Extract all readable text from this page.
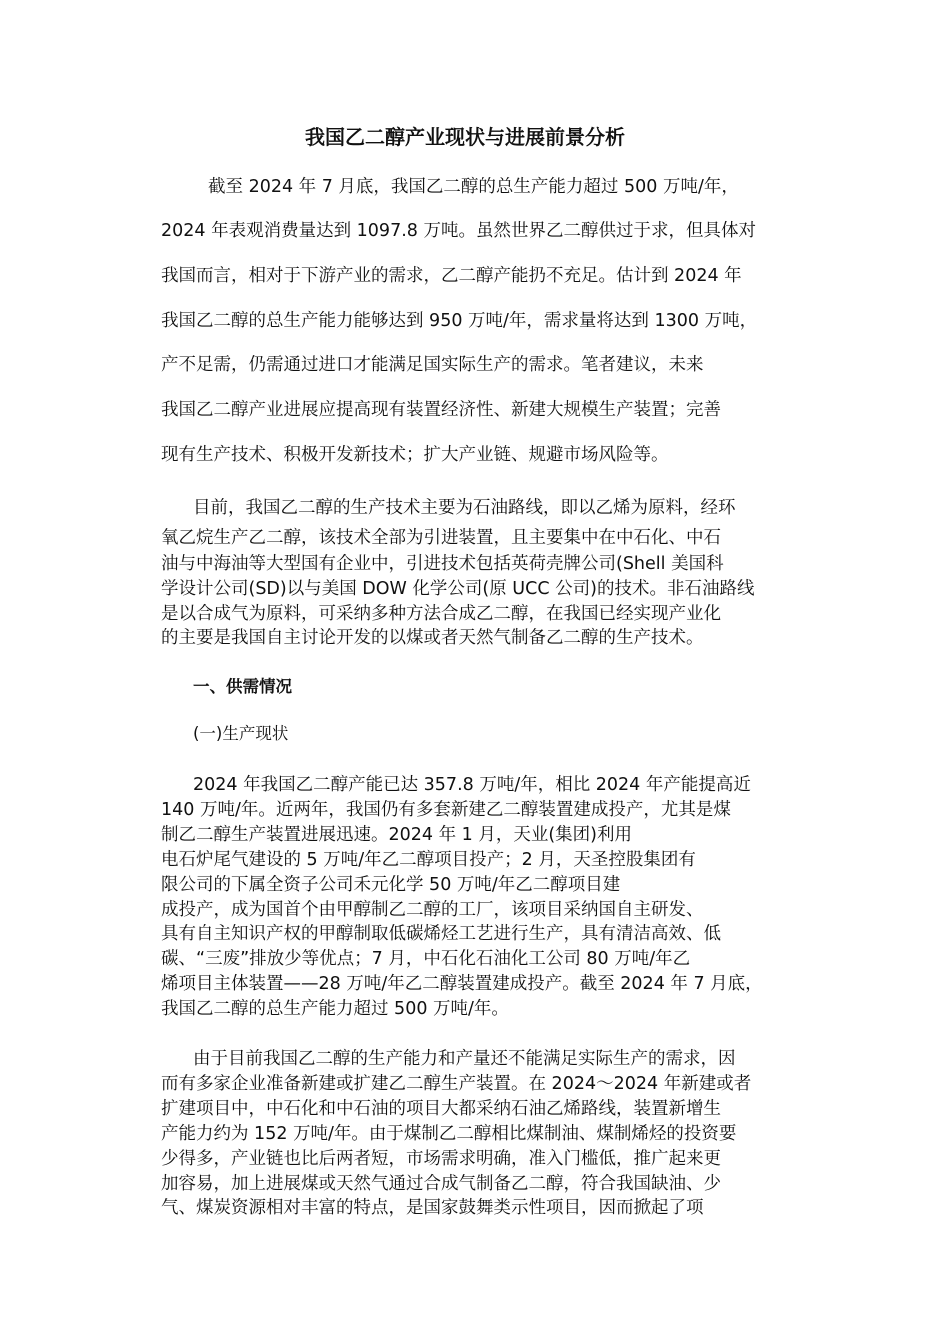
我国乙二醇产业现状与进展前景分析
截至 2024 年 7 月底，我国乙二醇的总生产能力超过 500 万吨/年，
2024 年表观消费量达到 1097.8 万吨。虽然世界乙二醇供过于求，但具体对
我国而言，相对于下游产业的需求，乙二醇产能扔不充足。估计到 2024 年
我国乙二醇的总生产能力能够达到 950 万吨/年，需求量将达到 1300 万吨，
产不足需，仍需通过进口才能满足国实际生产的需求。笔者建议，未来
我国乙二醇产业进展应提高现有装置经济性、新建大规模生产装置；完善
现有生产技术、积极开发新技术；扩大产业链、规避市场风险等。
目前，我国乙二醇的生产技术主要为石油路线，即以乙烯为原料，经环
氧乙烷生产乙二醇，该技术全部为引进装置，且主要集中在中石化、中石
油与中海油等大型国有企业中，引进技术包括英荷壳牌公司(Shell 美国科
学设计公司(SD)以与美国 DOW 化学公司(原 UCC 公司)的技术。非石油路线
是以合成气为原料，可采纳多种方法合成乙二醇，在我国已经实现产业化
的主要是我国自主讨论开发的以煤或者天然气制备乙二醇的生产技术。
一、供需情况
(一)生产现状
2024 年我国乙二醇产能已达 357.8 万吨/年，相比 2024 年产能提高近
140 万吨/年。近两年，我国仍有多套新建乙二醇装置建成投产，尤其是煤
制乙二醇生产装置进展迅速。2024 年 1 月，天业(集团)利用
电石炉尾气建设的 5 万吨/年乙二醇项目投产；2 月，天圣控股集团有
限公司的下属全资子公司禾元化学 50 万吨/年乙二醇项目建
成投产，成为国首个由甲醇制乙二醇的工厂，该项目采纳国自主研发、
具有自主知识产权的甲醇制取低碳烯烃工艺进行生产，具有清洁高效、低
碳、“三废”排放少等优点；7 月，中石化石油化工公司 80 万吨/年乙
烯项目主体装置——28 万吨/年乙二醇装置建成投产。截至 2024 年 7 月底，
我国乙二醇的总生产能力超过 500 万吨/年。
由于目前我国乙二醇的生产能力和产量还不能满足实际生产的需求，因
而有多家企业准备新建或扩建乙二醇生产装置。在 2024～2024 年新建或者
扩建项目中，中石化和中石油的项目大都采纳石油乙烯路线，装置新增生
产能力约为 152 万吨/年。由于煤制乙二醇相比煤制油、煤制烯烃的投资要
少得多，产业链也比后两者短，市场需求明确，准入门槛低，推广起来更
加容易，加上进展煤或天然气通过合成气制备乙二醇，符合我国缺油、少
气、煤炭资源相对丰富的特点，是国家鼓舞类示性项目，因而掀起了项
